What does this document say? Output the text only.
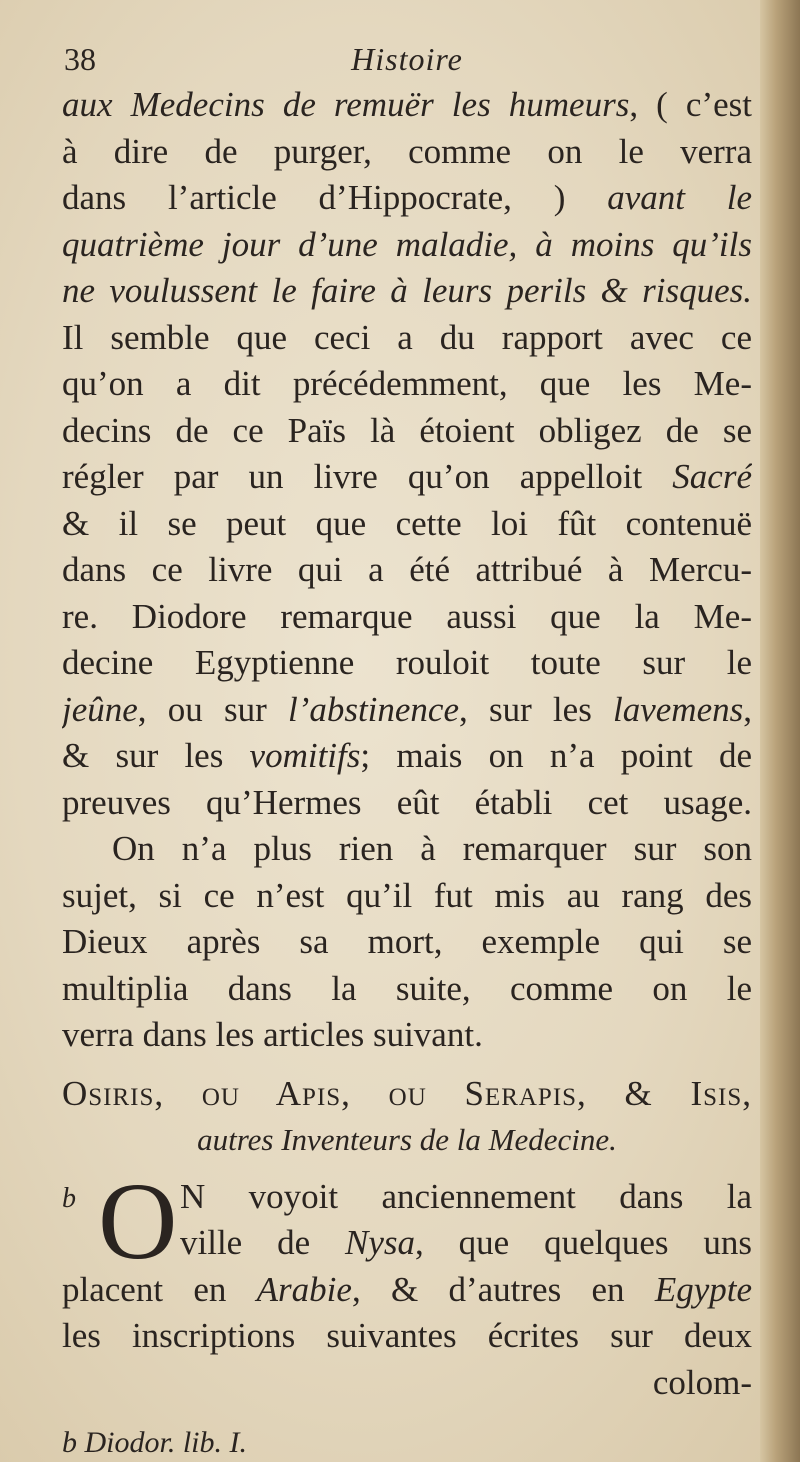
38	Histoire
aux Medecins de remuër les humeurs, ( c’est
à dire de purger, comme on le verra
dans l’article d’Hippocrate, ) avant le
quatrième jour d’une maladie, à moins qu’ils
ne voulussent le faire à leurs perils & risques.
Il semble que ceci a du rapport avec ce
qu’on a dit précédemment, que les Me-
decins de ce Païs là étoient obligez de se
régler par un livre qu’on appelloit Sacré
& il se peut que cette loi fût contenuë
dans ce livre qui a été attribué à Mercu-
re. Diodore remarque aussi que la Me-
decine Egyptienne rouloit toute sur le
jeûne, ou sur l’abstinence, sur les lavemens,
& sur les vomitifs; mais on n’a point de
preuves qu’Hermes eût établi cet usage.
On n’a plus rien à remarquer sur son
sujet, si ce n’est qu’il fut mis au rang des
Dieux après sa mort, exemple qui se
multiplia dans la suite, comme on le
verra dans les articles suivant.
Osiris, ou Apis, ou Serapis, & Isis,
autres Inventeurs de la Medecine.
b O N voyoit anciennement dans la
ville de Nysa, que quelques uns
placent en Arabie, & d’autres en Egypte
les inscriptions suivantes écrites sur deux
colom-
b Diodor. lib. I.
